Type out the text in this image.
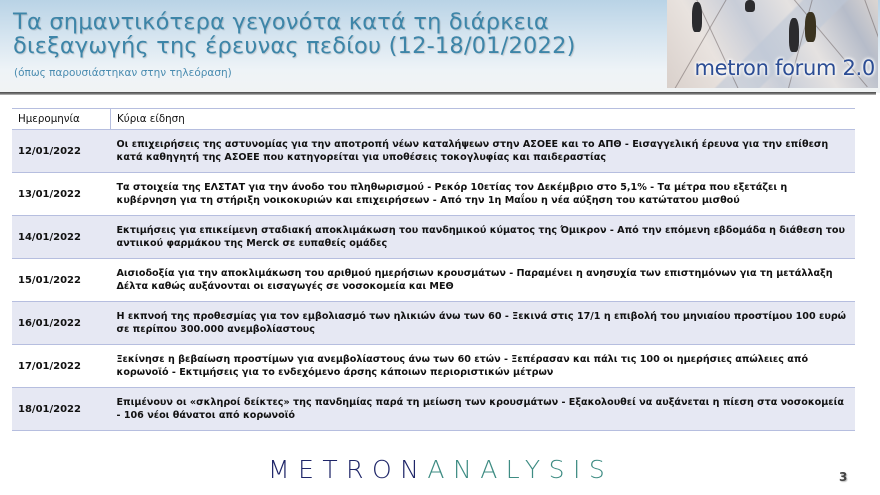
Τα σημαντικότερα γεγονότα κατά τη διάρκεια διεξαγωγής της έρευνας πεδίου (12-18/01/2022)
(όπως παρουσιάστηκαν στην τηλεόραση)	metron forum 2.0
Ημερομηνία	Κύρια είδηση
12/01/2022	Οι επιχειρήσεις της αστυνομίας για την αποτροπή νέων καταλήψεων στην ΑΣΟΕΕ και το ΑΠΘ - Εισαγγελική έρευνα για την επίθεση κατά καθηγητή της ΑΣΟΕΕ που κατηγορείται για υποθέσεις τοκογλυφίας και παιδεραστίας
13/01/2022	Τα στοιχεία της ΕΛΣΤΑΤ για την άνοδο του πληθωρισμού - Ρεκόρ 10ετίας τον Δεκέμβριο στο 5,1% - Τα μέτρα που εξετάζει η κυβέρνηση για τη στήριξη νοικοκυριών και επιχειρήσεων - Από την 1η Μαΐου η νέα αύξηση του κατώτατου μισθού
14/01/2022	Εκτιμήσεις για επικείμενη σταδιακή αποκλιμάκωση του πανδημικού κύματος της Όμικρον - Από την επόμενη εβδομάδα η διάθεση του αντιικού φαρμάκου της Merck σε ευπαθείς ομάδες
15/01/2022	Αισιοδοξία για την αποκλιμάκωση του αριθμού ημερήσιων κρουσμάτων - Παραμένει η ανησυχία των επιστημόνων για τη μετάλλαξη Δέλτα καθώς αυξάνονται οι εισαγωγές σε νοσοκομεία και ΜΕΘ
16/01/2022	Η εκπνοή της προθεσμίας για τον εμβολιασμό των ηλικιών άνω των 60 - Ξεκινά στις 17/1 η επιβολή του μηνιαίου προστίμου 100 ευρώ σε περίπου 300.000 ανεμβολίαστους
17/01/2022	Ξεκίνησε η βεβαίωση προστίμων για ανεμβολίαστους άνω των 60 ετών - Ξεπέρασαν και πάλι τις 100 οι ημερήσιες απώλειες από κορωνοϊό - Εκτιμήσεις για το ενδεχόμενο άρσης κάποιων περιοριστικών μέτρων
18/01/2022	Επιμένουν οι «σκληροί δείκτες» της πανδημίας παρά τη μείωση των κρουσμάτων - Εξακολουθεί να αυξάνεται η πίεση στα νοσοκομεία - 106 νέοι θάνατοι από κορωνοϊό
METRONANALYSIS	3
